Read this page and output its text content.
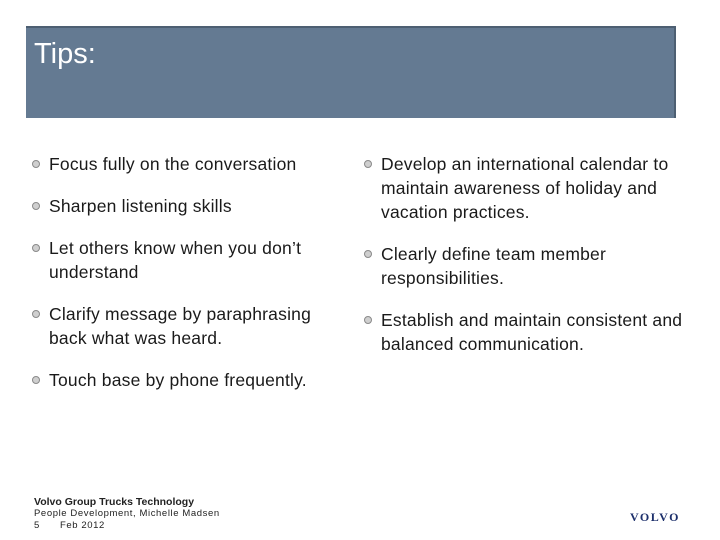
Tips:
Focus fully on the conversation
Sharpen listening skills
Let others know when you don’t understand
Clarify message by paraphrasing back what was heard.
Touch base by phone frequently.
Develop an international calendar to maintain awareness of holiday and vacation practices.
Clearly define team member responsibilities.
Establish and maintain consistent and balanced communication.
Volvo Group Trucks Technology
People Development, Michelle Madsen
5 Feb 2012
VOLVO
